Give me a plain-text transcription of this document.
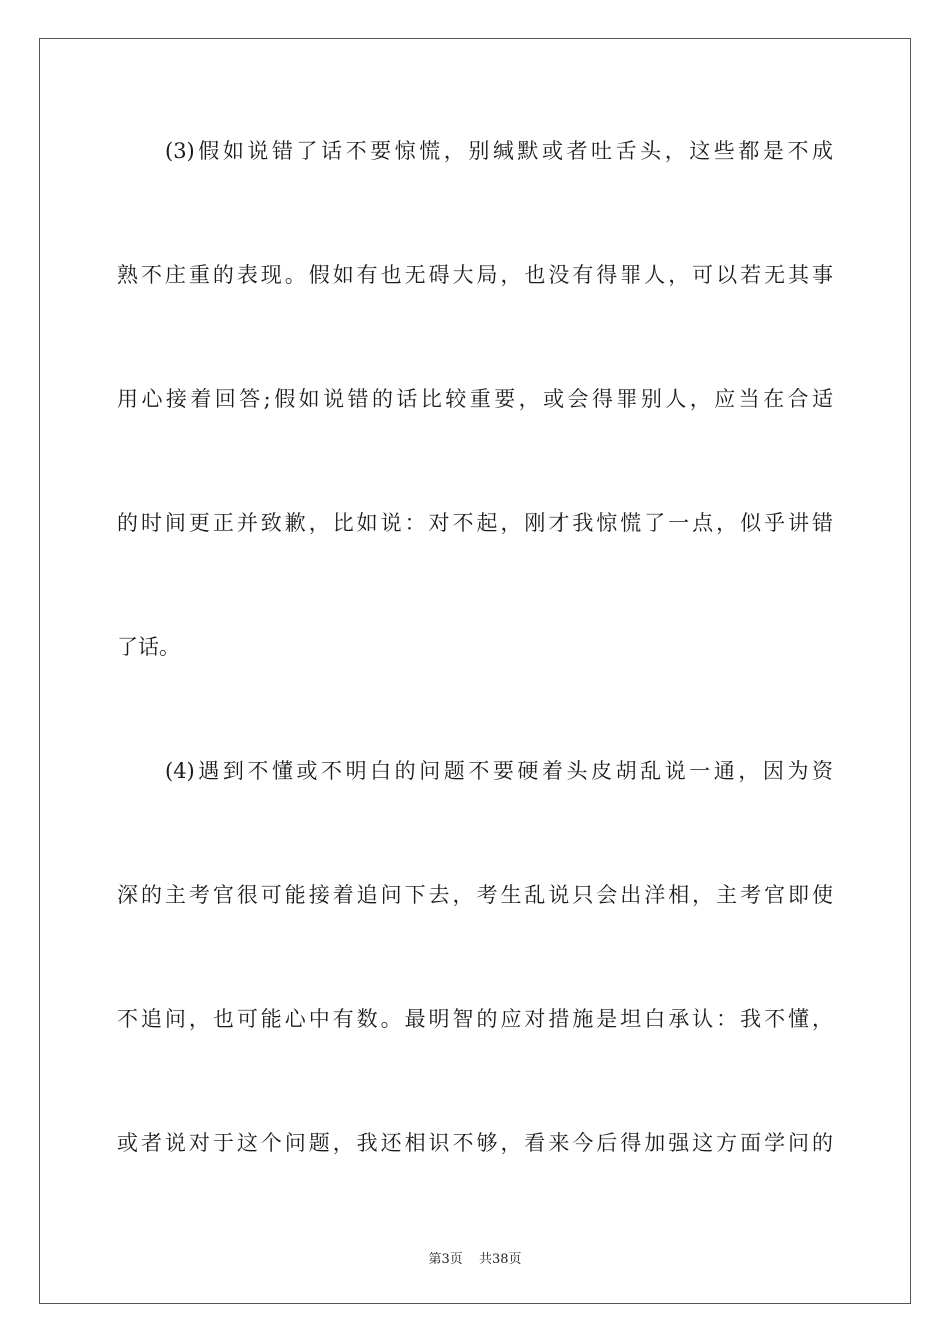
(3)假如说错了话不要惊慌，别缄默或者吐舌头，这些都是不成
熟不庄重的表现。假如有也无碍大局，也没有得罪人，可以若无其事
用心接着回答;假如说错的话比较重要，或会得罪别人，应当在合适
的时间更正并致歉，比如说：对不起，刚才我惊慌了一点，似乎讲错
了话。
(4)遇到不懂或不明白的问题不要硬着头皮胡乱说一通，因为资
深的主考官很可能接着追问下去，考生乱说只会出洋相，主考官即使
不追问，也可能心中有数。最明智的应对措施是坦白承认：我不懂，
或者说对于这个问题，我还相识不够，看来今后得加强这方面学问的
第3页 共38页
